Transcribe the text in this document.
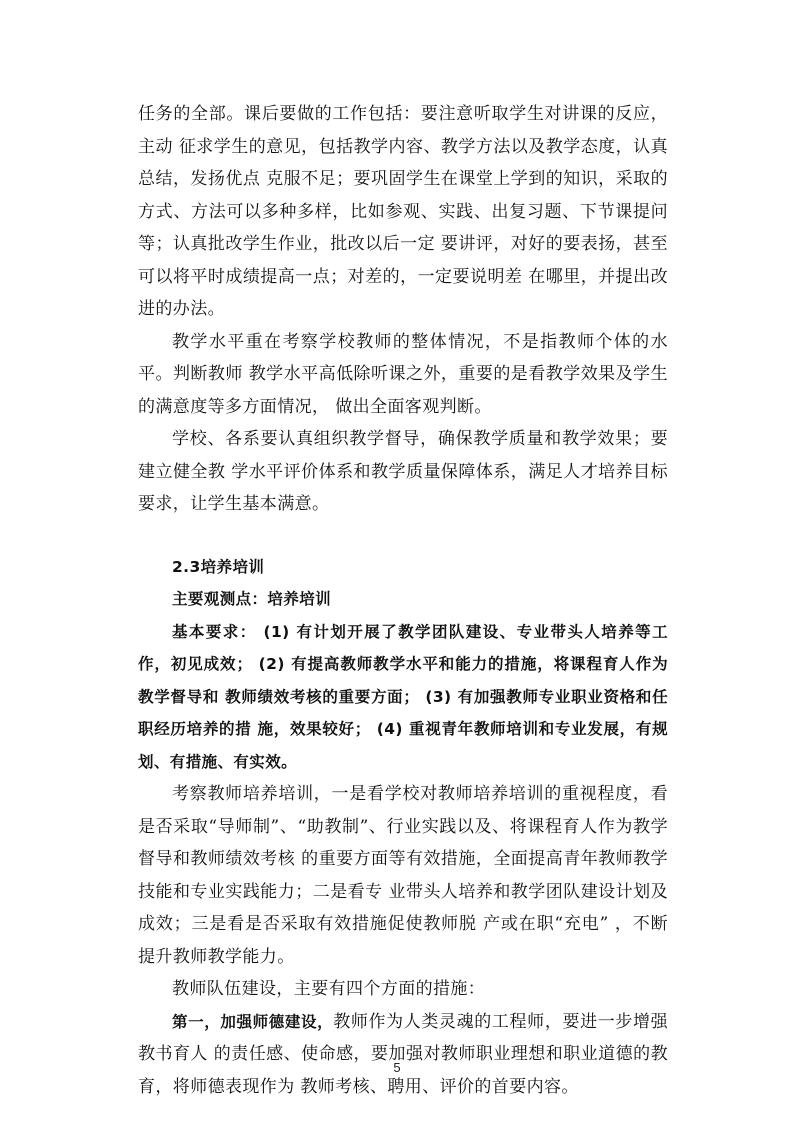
任务的全部。课后要做的工作包括：要注意听取学生对讲课的反应，主动 征求学生的意见，包括教学内容、教学方法以及教学态度，认真总结，发扬优点 克服不足；要巩固学生在课堂上学到的知识，采取的方式、方法可以多种多样，比如参观、实践、出复习题、下节课提问等；认真批改学生作业，批改以后一定 要讲评，对好的要表扬，甚至可以将平时成绩提高一点；对差的，一定要说明差 在哪里，并提出改进的办法。

教学水平重在考察学校教师的整体情况，不是指教师个体的水平。判断教师 教学水平高低除听课之外，重要的是看教学效果及学生的满意度等多方面情况， 做出全面客观判断。

学校、各系要认真组织教学督导，确保教学质量和教学效果；要建立健全教 学水平评价体系和教学质量保障体系，满足人才培养目标要求，让学生基本满意。

2.3培养培训

主要观测点：培养培训

基本要求： (1) 有计划开展了教学团队建设、专业带头人培养等工作，初见成效； (2) 有提高教师教学水平和能力的措施，将课程育人作为教学督导和 教师绩效考核的重要方面； (3) 有加强教师专业职业资格和任职经历培养的措 施，效果较好； (4) 重视青年教师培训和专业发展，有规划、有措施、有实效。

考察教师培养培训，一是看学校对教师培养培训的重视程度，看是否采取“导师制”、“助教制”、行业实践以及、将课程育人作为教学督导和教师绩效考核 的重要方面等有效措施，全面提高青年教师教学技能和专业实践能力；二是看专 业带头人培养和教学团队建设计划及成效；三是看是否采取有效措施促使教师脱 产或在职“充电” ，不断提升教师教学能力。

教师队伍建设，主要有四个方面的措施：

第一，加强师德建设，教师作为人类灵魂的工程师，要进一步增强教书育人 的责任感、使命感，要加强对教师职业理想和职业道德的教育，将师德表现作为 教师考核、聘用、评价的首要内容。

5
